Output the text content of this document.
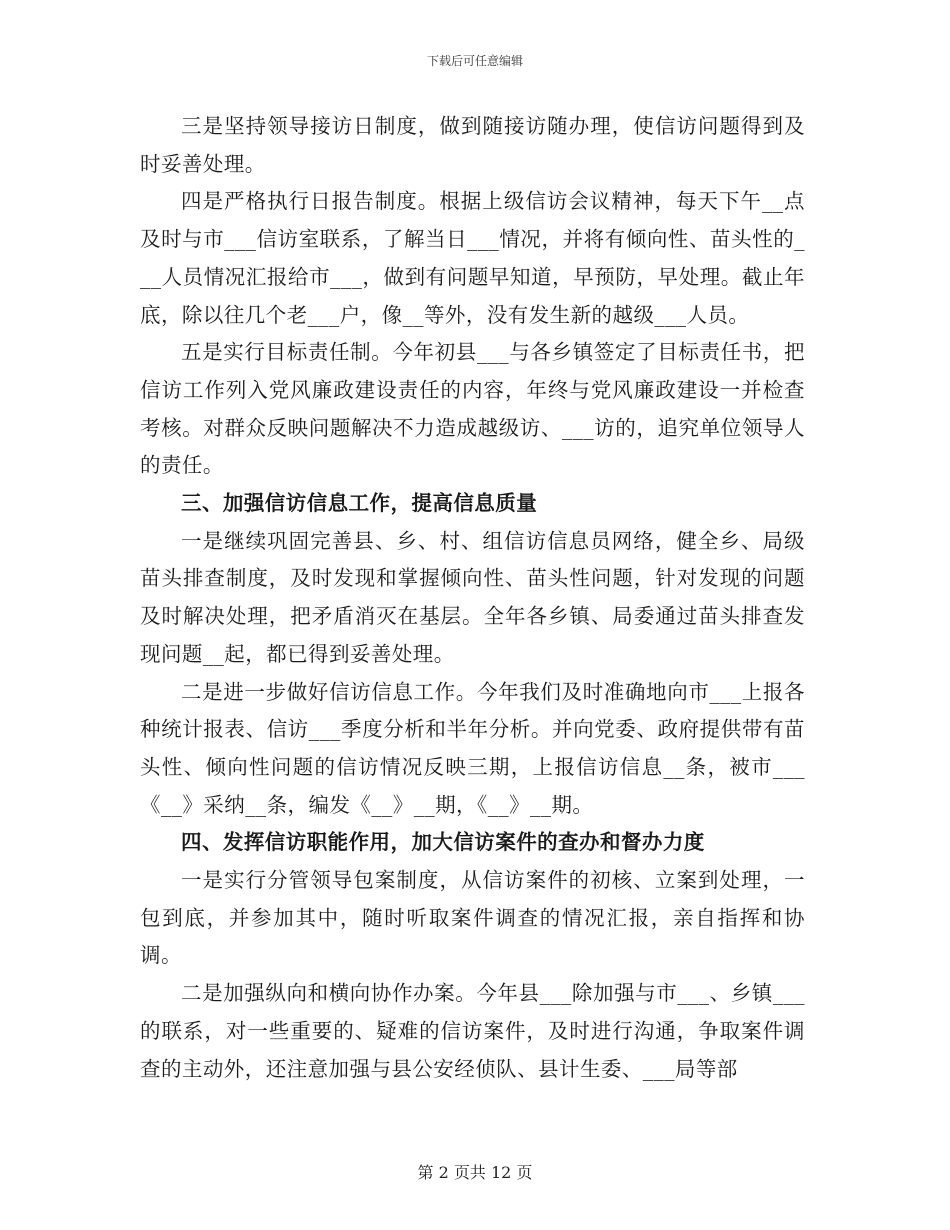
下载后可任意编辑

三是坚持领导接访日制度，做到随接访随办理，使信访问题得到及时妥善处理。

四是严格执行日报告制度。根据上级信访会议精神，每天下午__点及时与市___信访室联系，了解当日___情况，并将有倾向性、苗头性的___人员情况汇报给市___，做到有问题早知道，早预防，早处理。截止年底，除以往几个老___户，像__等外，没有发生新的越级___人员。

五是实行目标责任制。今年初县___与各乡镇签定了目标责任书，把信访工作列入党风廉政建设责任的内容，年终与党风廉政建设一并检查考核。对群众反映问题解决不力造成越级访、___访的，追究单位领导人的责任。

三、加强信访信息工作，提高信息质量

一是继续巩固完善县、乡、村、组信访信息员网络，健全乡、局级苗头排查制度，及时发现和掌握倾向性、苗头性问题，针对发现的问题及时解决处理，把矛盾消灭在基层。全年各乡镇、局委通过苗头排查发现问题__起，都已得到妥善处理。

二是进一步做好信访信息工作。今年我们及时准确地向市___上报各种统计报表、信访___季度分析和半年分析。并向党委、政府提供带有苗头性、倾向性问题的信访情况反映三期，上报信访信息__条，被市___《__》采纳__条，编发《__》__期，《__》__期。

四、发挥信访职能作用，加大信访案件的查办和督办力度

一是实行分管领导包案制度，从信访案件的初核、立案到处理，一包到底，并参加其中，随时听取案件调查的情况汇报，亲自指挥和协调。

二是加强纵向和横向协作办案。今年县___除加强与市___、乡镇___的联系，对一些重要的、疑难的信访案件，及时进行沟通，争取案件调查的主动外，还注意加强与县公安经侦队、县计生委、___局等部

第 2 页共 12 页
